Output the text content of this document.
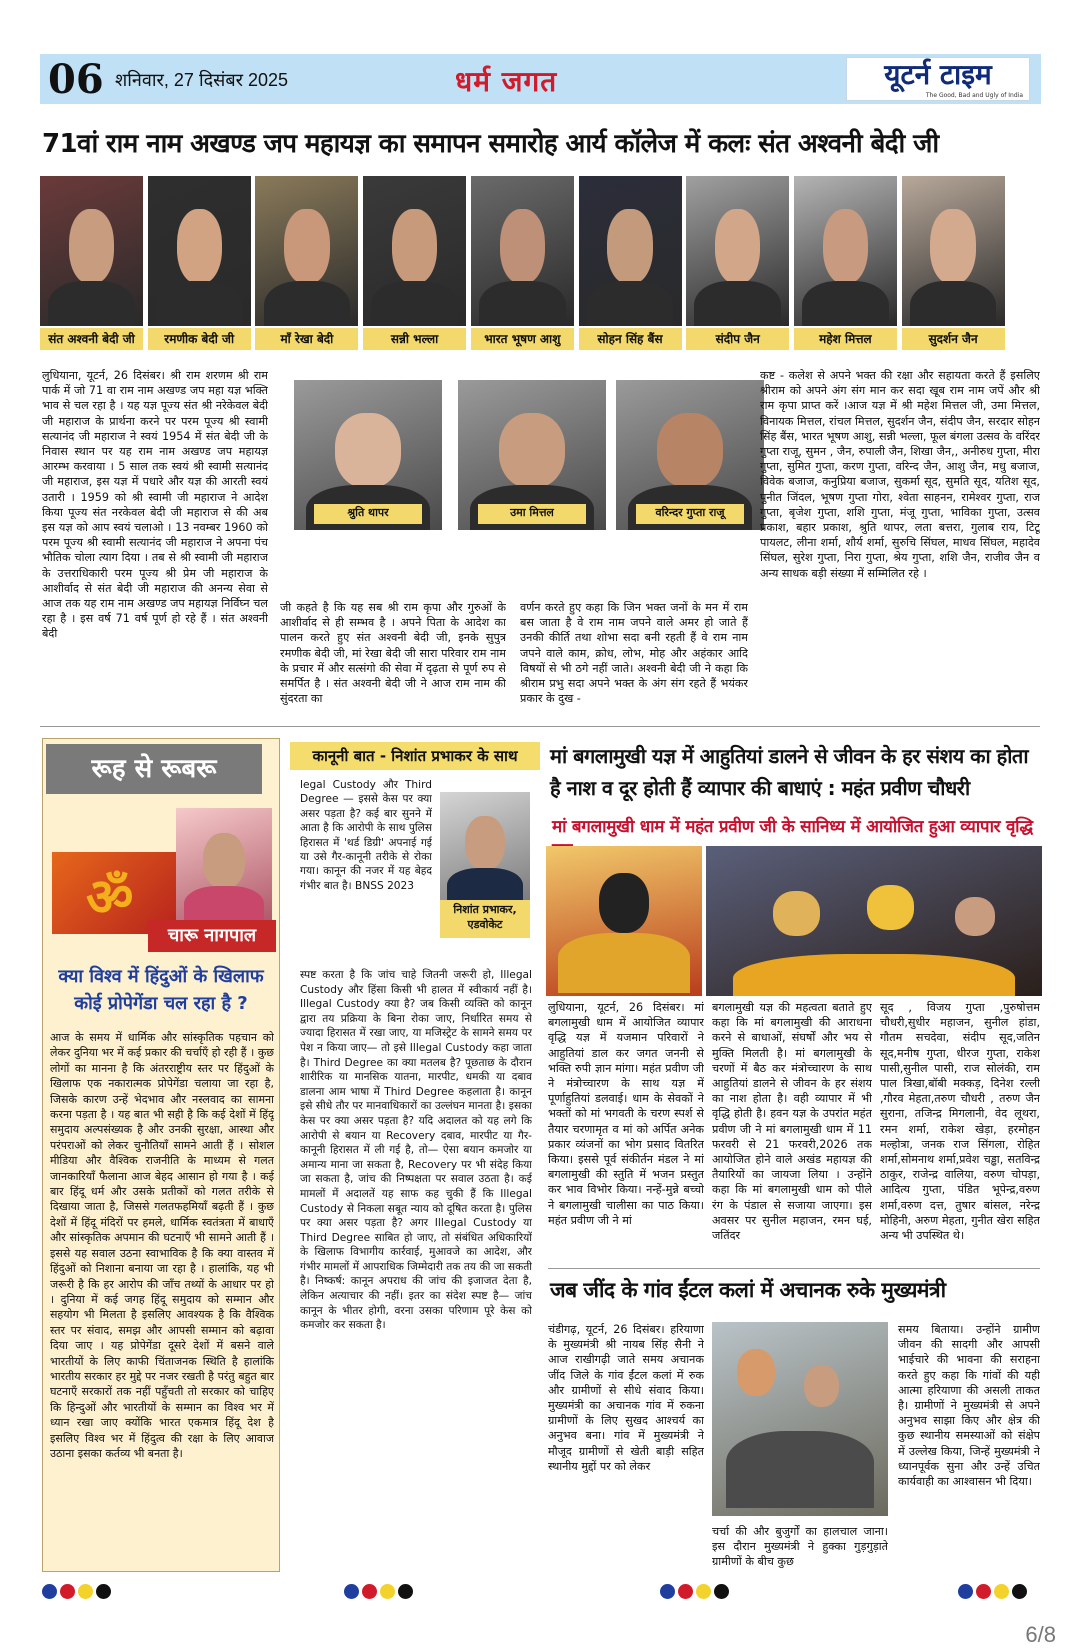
06 शनिवार, 27 दिसंबर 2025	धर्म जगत	यूटर्न टाइम
The Good, Bad and Ugly of India
71वां राम नाम अखण्ड जप महायज्ञ का समापन समारोह आर्य कॉलेज में कलः संत अश्वनी बेदी जी
संत अश्वनी बेदी जी	रमणीक बेदी जी	माँ रेखा बेदी	सन्नी भल्ला	भारत भूषण आशु	सोहन सिंह बैंस	संदीप जैन	महेश मित्तल	सुदर्शन जैन
लुधियाना, यूटर्न, 26 दिसंबर। श्री राम शरणम श्री राम पार्क में जो 71 वा राम नाम अखण्ड जप महा यज्ञ भक्ति भाव से चल रहा है । यह यज्ञ पूज्य संत श्री नरेकेवल बेदी जी महाराज के प्रार्थना करने पर परम पूज्य श्री स्वामी सत्यानंद जी महाराज ने स्वयं 1954 में संत बेदी जी के निवास स्थान पर यह राम नाम अखण्ड जप महायज्ञ आरम्भ करवाया । 5 साल तक स्वयं श्री स्वामी सत्यानंद जी महाराज, इस यज्ञ में पधारे और यज्ञ की आरती स्वयं उतारी । 1959 को श्री स्वामी जी महाराज ने आदेश किया पूज्य संत नरकेवल बेदी जी महाराज से की अब इस यज्ञ को आप स्वयं चलाओ । 13 नवम्बर 1960 को परम पूज्य श्री स्वामी सत्यानंद जी महाराज ने अपना पंच भौतिक चोला त्याग दिया । तब से श्री स्वामी जी महाराज के उत्तराधिकारी परम पूज्य श्री प्रेम जी महाराज के आशीर्वाद से संत बेदी जी महाराज की अनन्य सेवा से आज तक यह राम नाम अखण्ड जप महायज्ञ निर्विघ्न चल रहा है । इस वर्ष 71 वर्ष पूर्ण हो रहे हैं । संत अश्वनी बेदी
श्रुति थापर	उमा मित्तल	वरिन्दर गुप्ता राजू
जी कहते है कि यह सब श्री राम कृपा और गुरुओं के आशीर्वाद से ही सम्भव है । अपने पिता के आदेश का पालन करते हुए संत अश्वनी बेदी जी, इनके सुपुत्र रमणीक बेदी जी, मां रेखा बेदी जी सारा परिवार राम नाम के प्रचार में और सत्संगो की सेवा में दृढ़ता से पूर्ण रुप से समर्पित है । संत अश्वनी बेदी जी ने आज राम नाम की सुंदरता का
वर्णन करते हुए कहा कि जिन भक्त जनों के मन में राम बस जाता है वे राम नाम जपने वाले अमर हो जाते हैं उनकी कीर्ति तथा शोभा सदा बनी रहती हैं वे राम नाम जपने वाले काम, क्रोध, लोभ, मोह और अहंकार आदि विषयों से भी ठगे नहीं जाते। अश्वनी बेदी जी ने कहा कि श्रीराम प्रभु सदा अपने भक्त के अंग संग रहते हैं भयंकर प्रकार के दुख -
कष्ट - कलेश से अपने भक्त की रक्षा और सहायता करते हैं इसलिए श्रीराम को अपने अंग संग मान कर सदा खूब राम नाम जपें और श्री राम कृपा प्राप्त करें ।आज यज्ञ में श्री महेश मित्तल जी, उमा मित्तल, विनायक मित्तल, रांचल मित्तल, सुदर्शन जैन, संदीप जैन, सरदार सोहन सिंह बैंस, भारत भूषण आशु, सन्नी भल्ला, फूल बंगला उत्सव के वरिंदर गुप्ता राजू, सुमन , जैन, रुपाली जैन, शिखा जैन,, अनीरुध गुप्ता, मीरा गुप्ता, सुमित गुप्ता, करण गुप्ता, वरिन्द जैन, आशु जैन, मधु बजाज, विवेक बजाज, कनुप्रिया बजाज, सुकर्मा सूद, सुमति सूद, यतिश सूद, पुनीत जिंदल, भूषण गुप्ता गोरा, श्वेता साहनन, रामेश्वर गुप्ता, राज गुप्ता, बृजेश गुप्ता, शशि गुप्ता, मंजू गुप्ता, भाविका गुप्ता, उत्सव प्रकाश, बहार प्रकाश, श्रुति थापर, लता बत्तरा, गुलाब राय, टिटू पायलट, लीना शर्मा, शौर्य शर्मा, सुरुचि सिंघल, माधव सिंघल, महादेव सिंघल, सुरेश गुप्ता, निरा गुप्ता, श्रेय गुप्ता, शशि जैन, राजीव जैन व अन्य साधक बड़ी संख्या में सम्मिलित रहे ।
रूह से रूबरू
ॐ
चारू नागपाल
क्या विश्व में हिंदुओं के खिलाफ कोई प्रोपेगेंडा चल रहा है ?
आज के समय में धार्मिक और सांस्कृतिक पहचान को लेकर दुनिया भर में कई प्रकार की चर्चाएँ हो रही हैं । कुछ लोगों का मानना है कि अंतरराष्ट्रीय स्तर पर हिंदुओं के खिलाफ एक नकारात्मक प्रोपेगेंडा चलाया जा रहा है, जिसके कारण उन्हें भेदभाव और नस्लवाद का सामना करना पड़ता है । यह बात भी सही है कि कई देशों में हिंदू समुदाय अल्पसंख्यक है और उनकी सुरक्षा, आस्था और परंपराओं को लेकर चुनौतियाँ सामने आती हैं । सोशल मीडिया और वैश्विक राजनीति के माध्यम से गलत जानकारियाँ फैलाना आज बेहद आसान हो गया है । कई बार हिंदू धर्म और उसके प्रतीकों को गलत तरीके से दिखाया जाता है, जिससे गलतफहमियाँ बढ़ती हैं । कुछ देशों में हिंदू मंदिरों पर हमले, धार्मिक स्वतंत्रता में बाधाएँ और सांस्कृतिक अपमान की घटनाएँ भी सामने आती हैं । इससे यह सवाल उठना स्वाभाविक है कि क्या वास्तव में हिंदुओं को निशाना बनाया जा रहा है । हालांकि, यह भी जरूरी है कि हर आरोप की जाँच तथ्यों के आधार पर हो । दुनिया में कई जगह हिंदू समुदाय को सम्मान और सहयोग भी मिलता है इसलिए आवश्यक है कि वैश्विक स्तर पर संवाद, समझ और आपसी सम्मान को बढ़ावा दिया जाए । यह प्रोपेगेंडा दूसरे देशों में बसने वाले भारतीयों के लिए काफी चिंताजनक स्थिति है हालांकि भारतीय सरकार हर मुद्दे पर नजर रखती है परंतु बहुत बार घटनाएँ सरकारों तक नहीं पहुँचती तो सरकार को चाहिए कि हिन्दुओं और भारतीयों के सम्मान का विश्व भर में ध्यान रखा जाए क्योंकि भारत एकमात्र हिंदू देश है इसलिए विश्व भर में हिंदुत्व की रक्षा के लिए आवाज उठाना इसका कर्तव्य भी बनता है।
कानूनी बात - निशांत प्रभाकर के साथ
legal Custody और Third Degree — इससे केस पर क्या असर पड़ता है? कई बार सुनने में आता है कि आरोपी के साथ पुलिस हिरासत में 'थर्ड डिग्री' अपनाई गई या उसे गैर-कानूनी तरीके से रोका गया। कानून की नजर में यह बेहद गंभीर बात है। BNSS 2023
निशांत प्रभाकर, एडवोकेट
स्पष्ट करता है कि जांच चाहे जितनी जरूरी हो, Illegal Custody और हिंसा किसी भी हालत में स्वीकार्य नहीं है। Illegal Custody क्या है? जब किसी व्यक्ति को कानून द्वारा तय प्रक्रिया के बिना रोका जाए, निर्धारित समय से ज्यादा हिरासत में रखा जाए, या मजिस्ट्रेट के सामने समय पर पेश न किया जाए— तो इसे Illegal Custody कहा जाता है। Third Degree का क्या मतलब है? पूछताछ के दौरान शारीरिक या मानसिक यातना, मारपीट, धमकी या दबाव डालना आम भाषा में Third Degree कहलाता है। कानून इसे सीधे तौर पर मानवाधिकारों का उल्लंघन मानता है। इसका केस पर क्या असर पड़ता है? यदि अदालत को यह लगे कि आरोपी से बयान या Recovery दबाव, मारपीट या गैर-कानूनी हिरासत में ली गई है, तो— ऐसा बयान कमजोर या अमान्य माना जा सकता है, Recovery पर भी संदेह किया जा सकता है, जांच की निष्पक्षता पर सवाल उठता है। कई मामलों में अदालतें यह साफ कह चुकी हैं कि Illegal Custody से निकला सबूत न्याय को दूषित करता है। पुलिस पर क्या असर पड़ता है? अगर Illegal Custody या Third Degree साबित हो जाए, तो संबंधित अधिकारियों के खिलाफ विभागीय कार्रवाई, मुआवजे का आदेश, और गंभीर मामलों में आपराधिक जिम्मेदारी तक तय की जा सकती है। निष्कर्ष: कानून अपराध की जांच की इजाजत देता है, लेकिन अत्याचार की नहीं। इतर का संदेश स्पष्ट है— जांच कानून के भीतर होगी, वरना उसका परिणाम पूरे केस को कमजोर कर सकता है।
मां बगलामुखी यज्ञ में आहुतियां डालने से जीवन के हर संशय का होता है नाश व दूर होती हैं व्यापार की बाधाएं : महंत प्रवीण चौधरी
मां बगलामुखी धाम में महंत प्रवीण जी के सानिध्य में आयोजित हुआ व्यापार वृद्धि
लुधियाना, यूटर्न, 26 दिसंबर। मां बगलामुखी धाम में आयोजित व्यापार वृद्धि यज्ञ में यजमान परिवारों ने आहुतियां डाल कर जगत जननी से भक्ति रुपी ज्ञान मांगा। महंत प्रवीण जी ने मंत्रोच्चारण के साथ यज्ञ में पूर्णाहुतियां डलवाई। धाम के सेवकों ने भक्तों को मां भगवती के चरण स्पर्श से तैयार चरणामृत व मां को अर्पित अनेक प्रकार व्यंजनों का भोग प्रसाद वितरित किया। इससे पूर्व संकीर्तन मंडल ने मां बगलामुखी की स्तुति में भजन प्रस्तुत कर भाव विभोर किया। नन्हें-मुन्ने बच्चो ने बगलामुखी चालीसा का पाठ किया। महंत प्रवीण जी ने मां
बगलामुखी यज्ञ की महत्वता बताते हुए कहा कि मां बगलामुखी की आराधना करने से बाधाओं, संघर्षों और भय से मुक्ति मिलती है। मां बगलामुखी के चरणों में बैठ कर मंत्रोच्चारण के साथ आहुतियां डालने से जीवन के हर संशय का नाश होता है। वही व्यापार में भी वृद्धि होती है। हवन यज्ञ के उपरांत महंत प्रवीण जी ने मां बगलामुखी धाम में 11 फरवरी से 21 फरवरी,2026 तक आयोजित होने वाले अखंड महायज्ञ की तैयारियों का जायजा लिया । उन्होंने कहा कि मां बगलामुखी धाम को पीले रंग के पंडाल से सजाया जाएगा। इस अवसर पर सुनील महाजन, रमन घई, जतिंदर
सूद , विजय गुप्ता ,पुरुषोत्तम चौधरी,सुधीर महाजन, सुनील हांडा, गौतम सचदेवा, संदीप सूद,जतिन सूद,मनीष गुप्ता, धीरज गुप्ता, राकेश पासी,सुनील पासी, राज सोलंकी, राम पाल त्रिखा,बॉबी मक्कड़, दिनेश रल्ली ,गौरव मेहता,तरुण चौधरी , तरुण जैन सुराना, तजिन्द्र मिगलानी, वेद लूथरा, रमन शर्मा, राकेश खेड़ा, हरमोहन मल्होत्रा, जनक राज सिंगला, रोहित शर्मा,सोमनाथ शर्मा,प्रवेश चड्ढा, सतविन्द्र ठाकुर, राजेन्द्र वालिया, वरुण चोपड़ा, आदित्य गुप्ता, पंडित भूपेन्द्र,वरुण शर्मा,वरुण दत्त, तुषार बांसल, नरेन्द्र मोहिनी, अरुण मेहता, गुनीत खेरा सहित अन्य भी उपस्थित थे।
जब जींद के गांव ईंटल कलां में अचानक रुके मुख्यमंत्री
चंडीगढ़, यूटर्न, 26 दिसंबर। हरियाणा के मुख्यमंत्री श्री नायब सिंह सैनी ने आज राखीगढ़ी जाते समय अचानक जींद जिले के गांव ईंटल कलां में रुक और ग्रामीणों से सीधे संवाद किया। मुख्यमंत्री का अचानक गांव में रुकना ग्रामीणों के लिए सुखद आश्चर्य का अनुभव बना। गांव में मुख्यमंत्री ने मौजूद ग्रामीणों से खेती बाड़ी सहित स्थानीय मुद्दों पर को लेकर
चर्चा की और बुजुर्गों का हालचाल जाना। इस दौरान मुख्यमंत्री ने हुक्का गुड़गुड़ाते ग्रामीणों के बीच कुछ
समय बिताया। उन्होंने ग्रामीण जीवन की सादगी और आपसी भाईचारे की भावना की सराहना करते हुए कहा कि गांवों की यही आत्मा हरियाणा की असली ताकत है। ग्रामीणों ने मुख्यमंत्री से अपने अनुभव साझा किए और क्षेत्र की कुछ स्थानीय समस्याओं को संक्षेप में उल्लेख किया, जिन्हें मुख्यमंत्री ने ध्यानपूर्वक सुना और उन्हें उचित कार्यवाही का आश्वासन भी दिया।
6/8
